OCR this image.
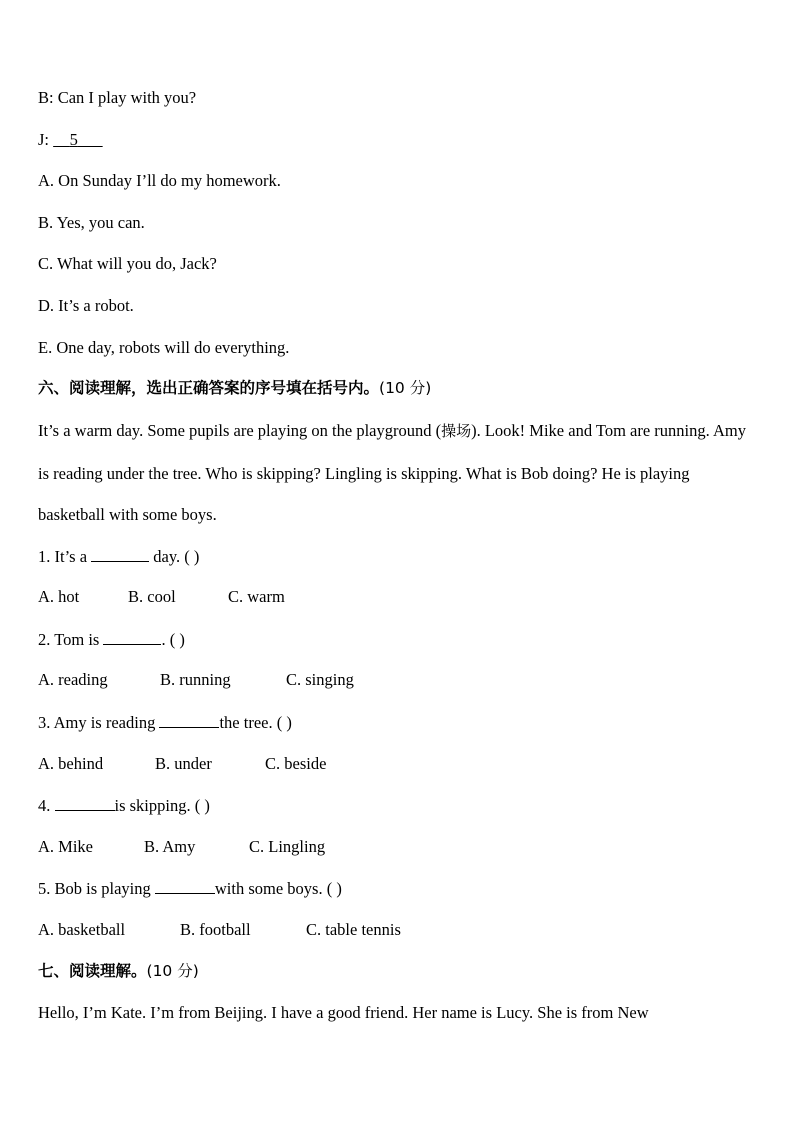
B: Can I play with you?
J:     5
A. On Sunday I’ll do my homework.
B. Yes, you can.
C. What will you do, Jack?
D. It’s a robot.
E. One day, robots will do everything.
六、阅读理解，选出正确答案的序号填在括号内。(10 分)
It’s a warm day. Some pupils are playing on the playground (操场). Look! Mike and Tom are running. Amy is reading under the tree. Who is skipping? Lingling is skipping. What is Bob doing? He is playing basketball with some boys.
1. It’s a	day. ( )
A. hot	B. cool	C. warm
2. Tom is	. ( )
A. reading	B. running	C. singing
3. Amy is reading	the tree. ( )
A. behind	B. under	C. beside
4.	is skipping. ( )
A. Mike	B. Amy	C. Lingling
5. Bob is playing	with some boys. ( )
A. basketball	B. football	C. table tennis
七、阅读理解。(10 分)
Hello, I’m Kate. I’m from Beijing. I have a good friend. Her name is Lucy. She is from New
